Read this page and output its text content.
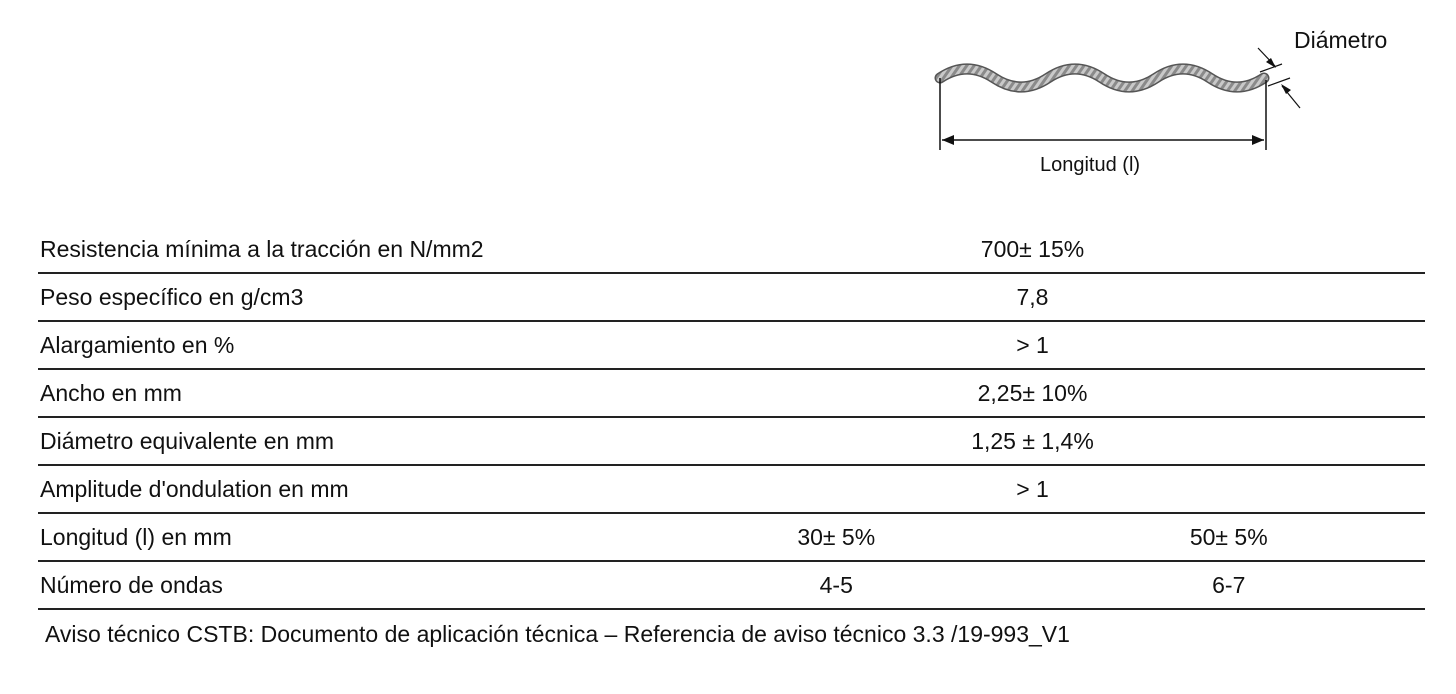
Diámetro
Longitud (l)
Resistencia mínima a la tracción en N/mm2	700± 15%	
Peso específico en g/cm3	7,8	
Alargamiento en %	> 1	
Ancho en mm	2,25± 10%	
Diámetro equivalente en mm	1,25 ± 1,4%	
Amplitude d'ondulation en mm	> 1	
Longitud (l) en mm	30± 5%	50± 5%
Número de ondas	4-5	6-7
Aviso técnico CSTB: Documento de aplicación técnica – Referencia de aviso técnico 3.3 /19-993_V1
